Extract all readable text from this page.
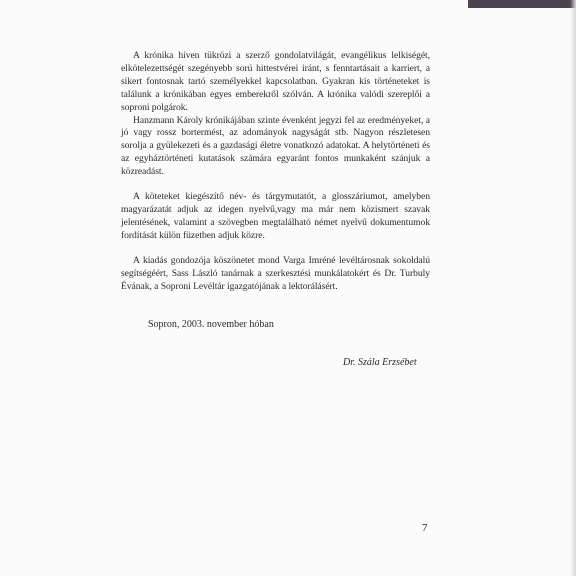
A krónika híven tükrözi a szerző gondolatvilágát, evangélikus lelkiségét, elkötelezettségét szegényebb sorú hittestvérei iránt, s fenntartásait a karriert, a sikert fontosnak tartó személyekkel kapcsolatban. Gyakran kis történeteket is találunk a krónikában egyes emberekről szólván. A krónika valódi szereplői a soproni polgárok.

Hanzmann Károly krónikájában szinte évenként jegyzi fel az eredményeket, a jó vagy rossz bortermést, az adományok nagyságát stb. Nagyon részletesen sorolja a gyülekezeti és a gazdasági életre vonatkozó adatokat. A helytörténeti és az egyháztörténeti kutatások számára egyaránt fontos munkaként szánjuk a közreadást.

A köteteket kiegészítő név- és tárgymutatót, a glosszáriumot, amelyben magyarázatát adjuk az idegen nyelvű,vagy ma már nem közismert szavak jelentésének, valamint a szövegben megtalálható német nyelvű dokumentumok fordítását külön füzetben adjuk közre.

A kiadás gondozója köszönetet mond Varga Imréné levéltárosnak sokoldalú segítségéért, Sass László tanárnak a szerkesztési munkálatokért és Dr. Turbuly Évának, a Soproni Levéltár igazgatójának a lektorálásért.

Sopron, 2003. november hóban
Dr. Szála Erzsébet
7
